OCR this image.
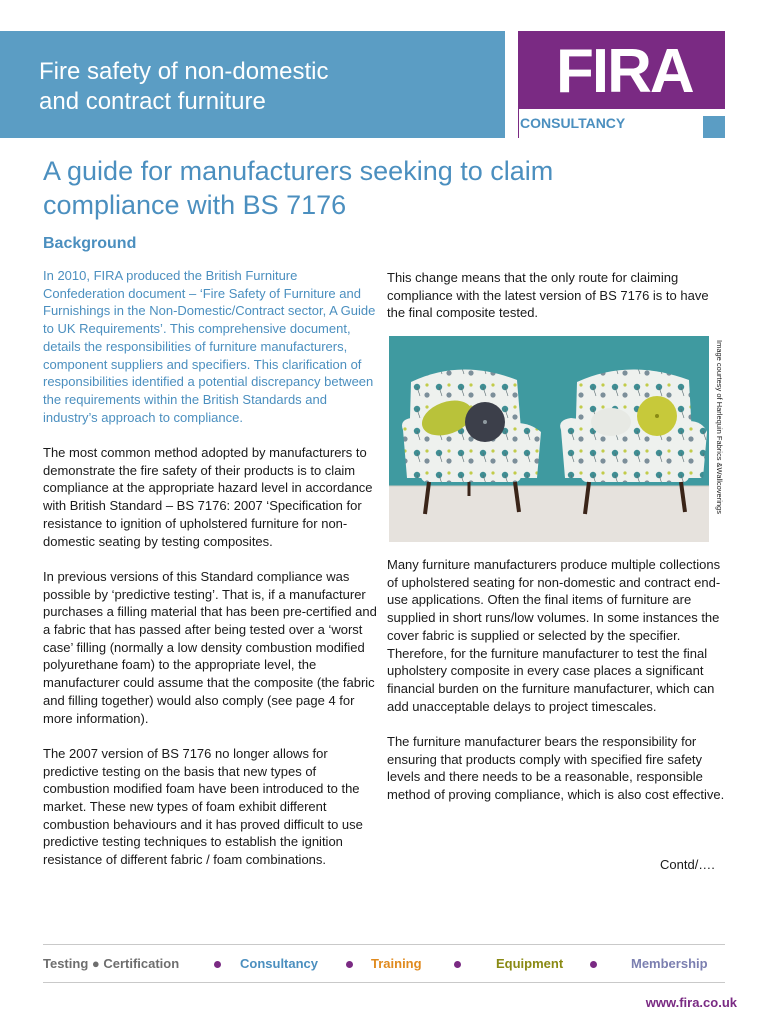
Fire safety of non-domestic
and contract furniture	FIRA
CONSULTANCY
A guide for manufacturers seeking to claim
compliance with BS 7176
Background

In 2010, FIRA produced the British Furniture Confederation document – ‘Fire Safety of Furniture and Furnishings in the Non-Domestic/Contract sector, A Guide to UK Requirements’. This comprehensive document, details the responsibilities of furniture manufacturers, component suppliers and specifiers. This clarification of responsibilities identified a potential discrepancy between the requirements within the British Standards and industry’s approach to compliance.

The most common method adopted by manufacturers to demonstrate the fire safety of their products is to claim compliance at the appropriate hazard level in accordance with British Standard – BS 7176: 2007 ‘Specification for resistance to ignition of upholstered furniture for non-domestic seating by testing composites.

In previous versions of this Standard compliance was possible by ‘predictive testing’. That is, if a manufacturer purchases a filling material that has been pre-certified and a fabric that has passed after being tested over a ‘worst case’ filling (normally a low density combustion modified polyurethane foam) to the appropriate level, the manufacturer could assume that the composite (the fabric and filling together) would also comply (see page 4 for more information).

The 2007 version of BS 7176 no longer allows for predictive testing on the basis that new types of combustion modified foam have been introduced to the market. These new types of foam exhibit different combustion behaviours and it has proved difficult to use predictive testing techniques to establish the ignition resistance of different fabric / foam combinations.

This change means that the only route for claiming compliance with the latest version of BS 7176 is to have the final composite tested.

Image courtesy of Harlequin Fabrics &Wallcoverings

Many furniture manufacturers produce multiple collections of upholstered seating for non-domestic and contract end-use applications. Often the final items of furniture are supplied in short runs/low volumes. In some instances the cover fabric is supplied or selected by the specifier. Therefore, for the furniture manufacturer to test the final upholstery composite in every case places a significant financial burden on the furniture manufacturer, which can add unacceptable delays to project timescales.

The furniture manufacturer bears the responsibility for ensuring that products comply with specified fire safety levels and there needs to be a reasonable, responsible method of proving compliance, which is also cost effective.

Contd/….
Testing ● Certification	Consultancy	Training	Equipment	Membership
www.fira.co.uk
